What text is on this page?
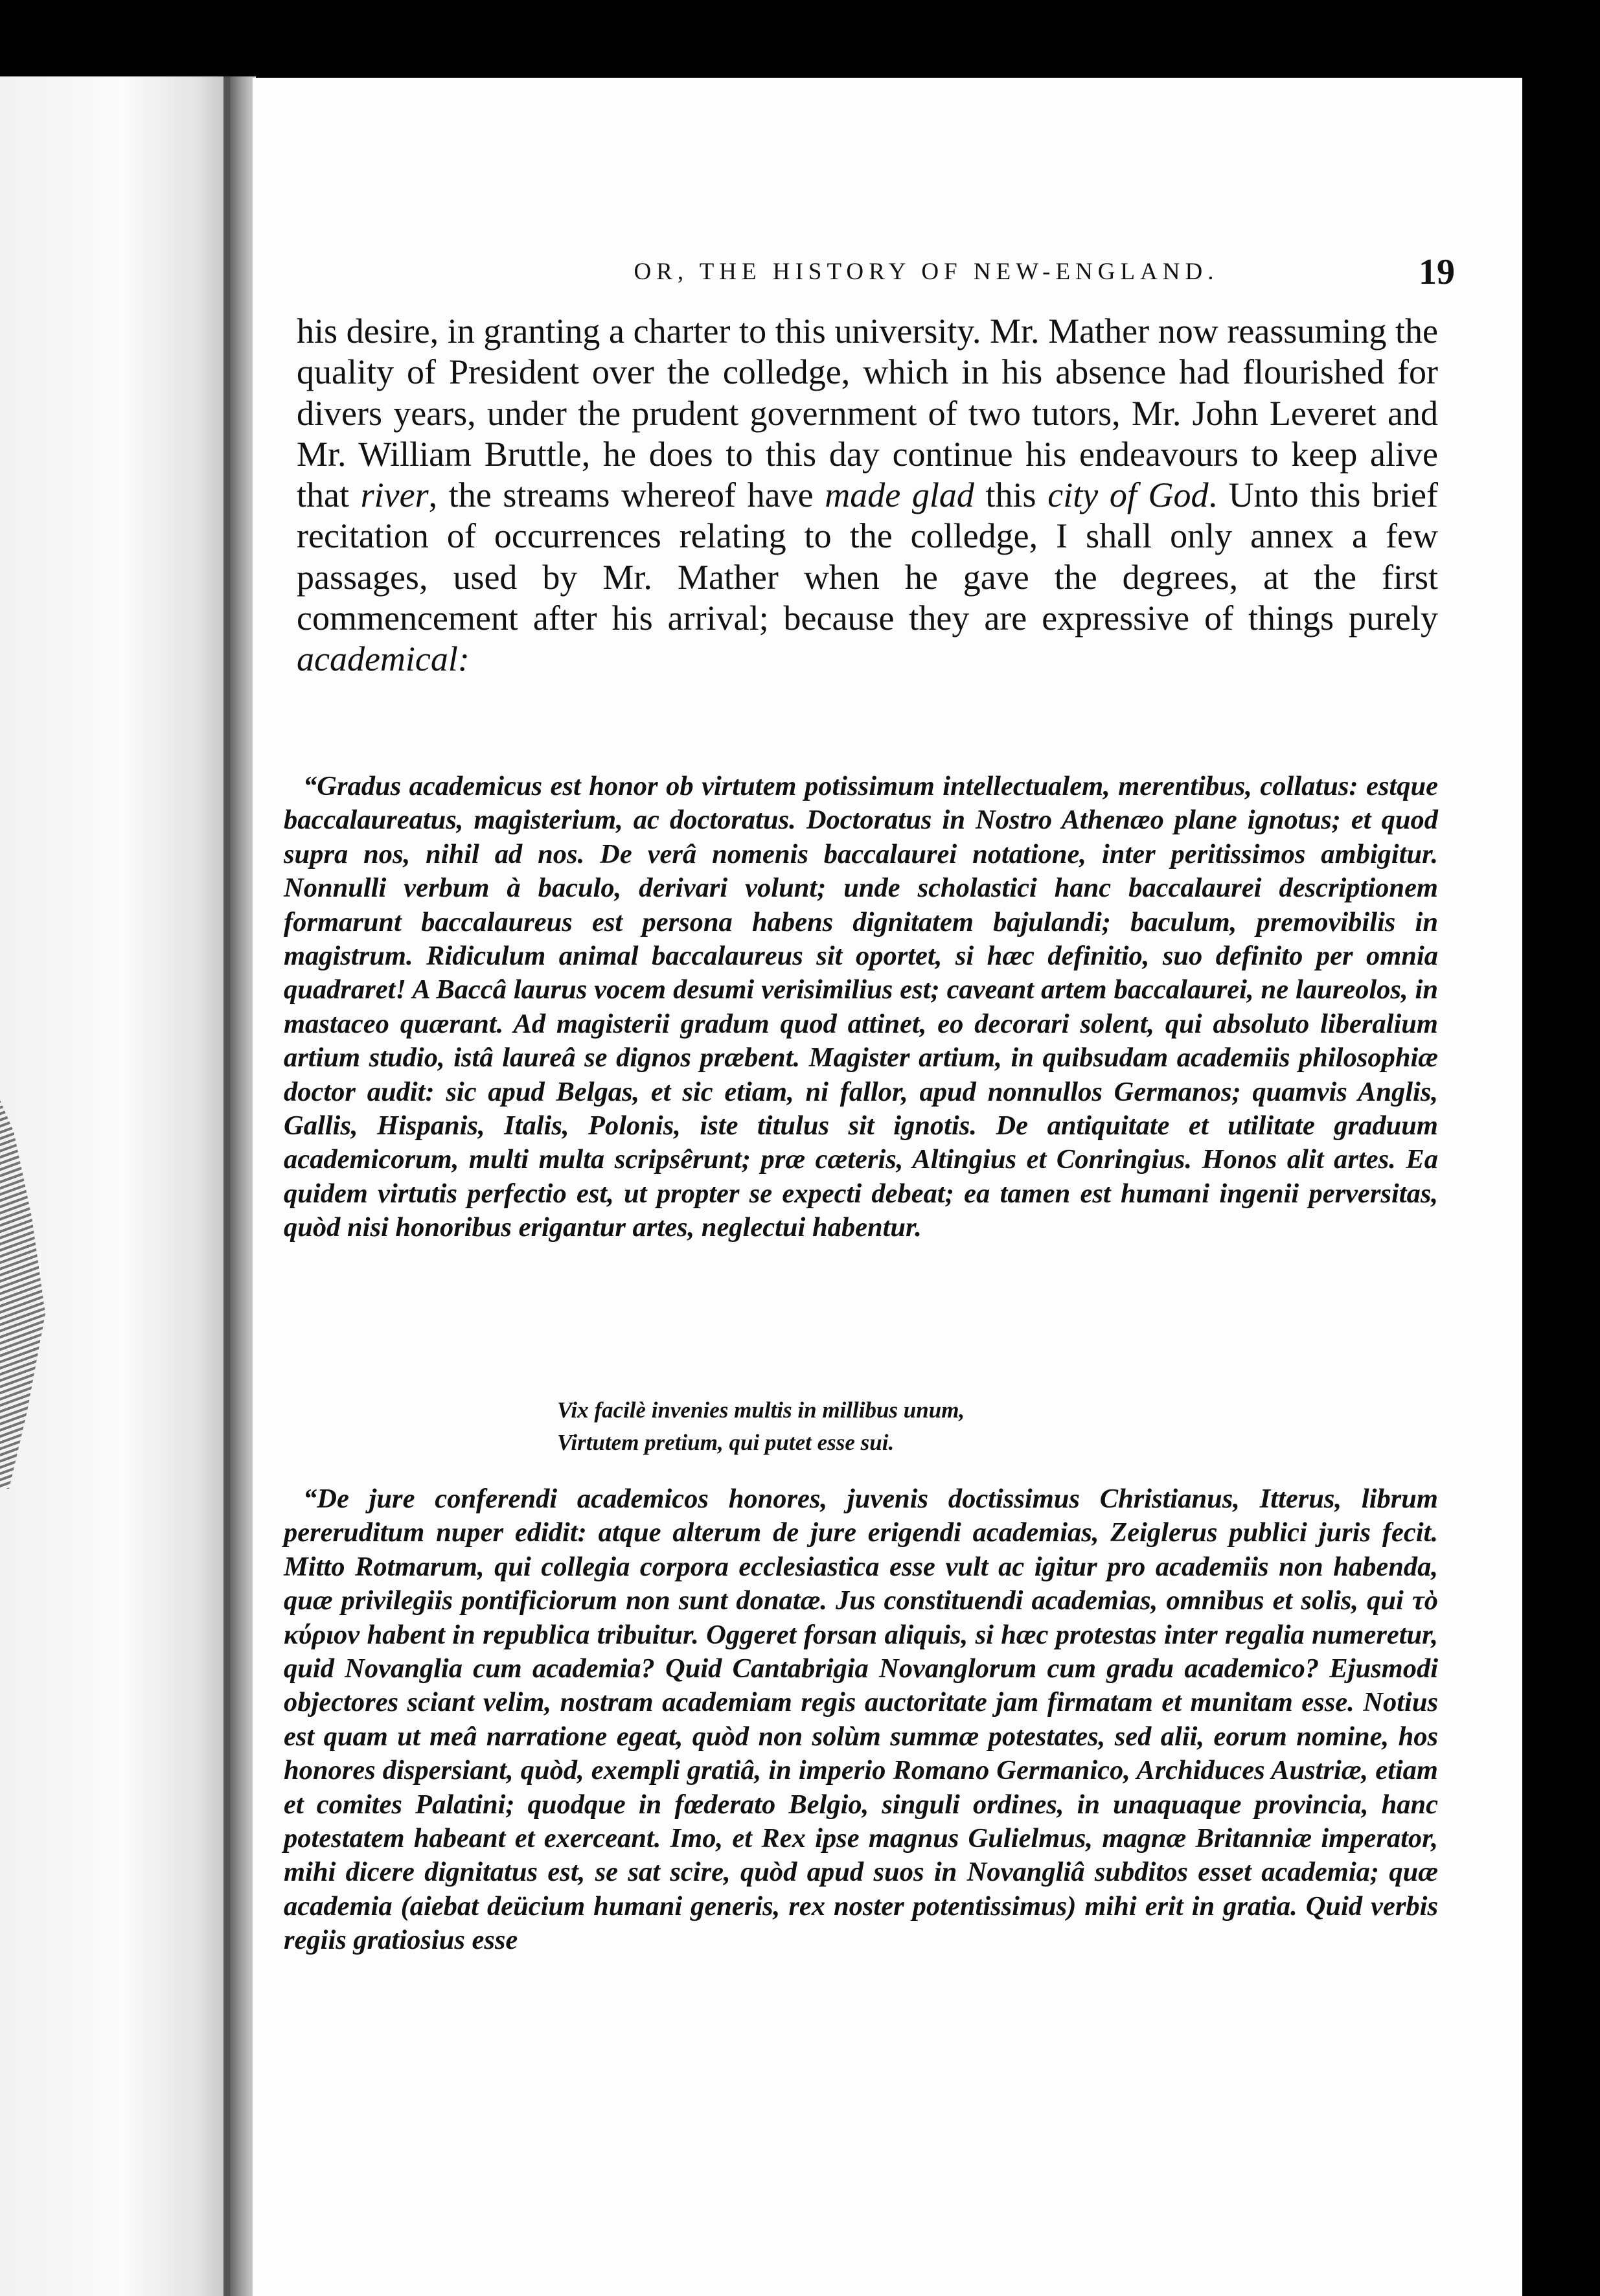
OR, THE HISTORY OF NEW-ENGLAND.	19

his desire, in granting a charter to this university. Mr. Mather now reassuming the quality of President over the colledge, which in his absence had flourished for divers years, under the prudent government of two tutors, Mr. John Leveret and Mr. William Bruttle, he does to this day continue his endeavours to keep alive that river, the streams whereof have made glad this city of God. Unto this brief recitation of occurrences relating to the colledge, I shall only annex a few passages, used by Mr. Mather when he gave the degrees, at the first commencement after his arrival; because they are expressive of things purely academical:

“Gradus academicus est honor ob virtutem potissimum intellectualem, merentibus, collatus: estque baccalaureatus, magisterium, ac doctoratus. Doctoratus in Nostro Athenæo plane ignotus; et quod supra nos, nihil ad nos. De verâ nomenis baccalaurei notatione, inter peritissimos ambigitur. Nonnulli verbum à baculo, derivari volunt; unde scholastici hanc baccalaurei descriptionem formarunt baccalaureus est persona habens dignitatem bajulandi; baculum, premovibilis in magistrum. Ridiculum animal baccalaureus sit oportet, si hæc definitio, suo definito per omnia quadraret! A Baccâ laurus vocem desumi verisimilius est; caveant artem baccalaurei, ne laureolos, in mastaceo quærant. Ad magisterii gradum quod attinet, eo decorari solent, qui absoluto liberalium artium studio, istâ laureâ se dignos præbent. Magister artium, in quibsudam academiis philosophiæ doctor audit: sic apud Belgas, et sic etiam, ni fallor, apud nonnullos Germanos; quamvis Anglis, Gallis, Hispanis, Italis, Polonis, iste titulus sit ignotis. De antiquitate et utilitate graduum academicorum, multi multa scripsêrunt; præ cæteris, Altingius et Conringius. Honos alit artes. Ea quidem virtutis perfectio est, ut propter se expecti debeat; ea tamen est humani ingenii perversitas, quòd nisi honoribus erigantur artes, neglectui habentur.

Vix facilè invenies multis in millibus unum,
Virtutem pretium, qui putet esse sui.

“De jure conferendi academicos honores, juvenis doctissimus Christianus, Itterus, librum pereruditum nuper edidit: atque alterum de jure erigendi academias, Zeiglerus publici juris fecit. Mitto Rotmarum, qui collegia corpora ecclesiastica esse vult ac igitur pro academiis non habenda, quæ privilegiis pontificiorum non sunt donatæ. Jus constituendi academias, omnibus et solis, qui τὸ κύριον habent in republica tribuitur. Oggeret forsan aliquis, si hæc protestas inter regalia numeretur, quid Novanglia cum academia? Quid Cantabrigia Novanglorum cum gradu academico? Ejusmodi objectores sciant velim, nostram academiam regis auctoritate jam firmatam et munitam esse. Notius est quam ut meâ narratione egeat, quòd non solùm summæ potestates, sed alii, eorum nomine, hos honores dispersiant, quòd, exempli gratiâ, in imperio Romano Germanico, Archiduces Austriæ, etiam et comites Palatini; quodque in fœderato Belgio, singuli ordines, in unaquaque provincia, hanc potestatem habeant et exerceant. Imo, et Rex ipse magnus Gulielmus, magnæ Britanniæ imperator, mihi dicere dignitatus est, se sat scire, quòd apud suos in Novangliâ subditos esset academia; quæ academia (aiebat deücium humani generis, rex noster potentissimus) mihi erit in gratia. Quid verbis regiis gratiosius esse
